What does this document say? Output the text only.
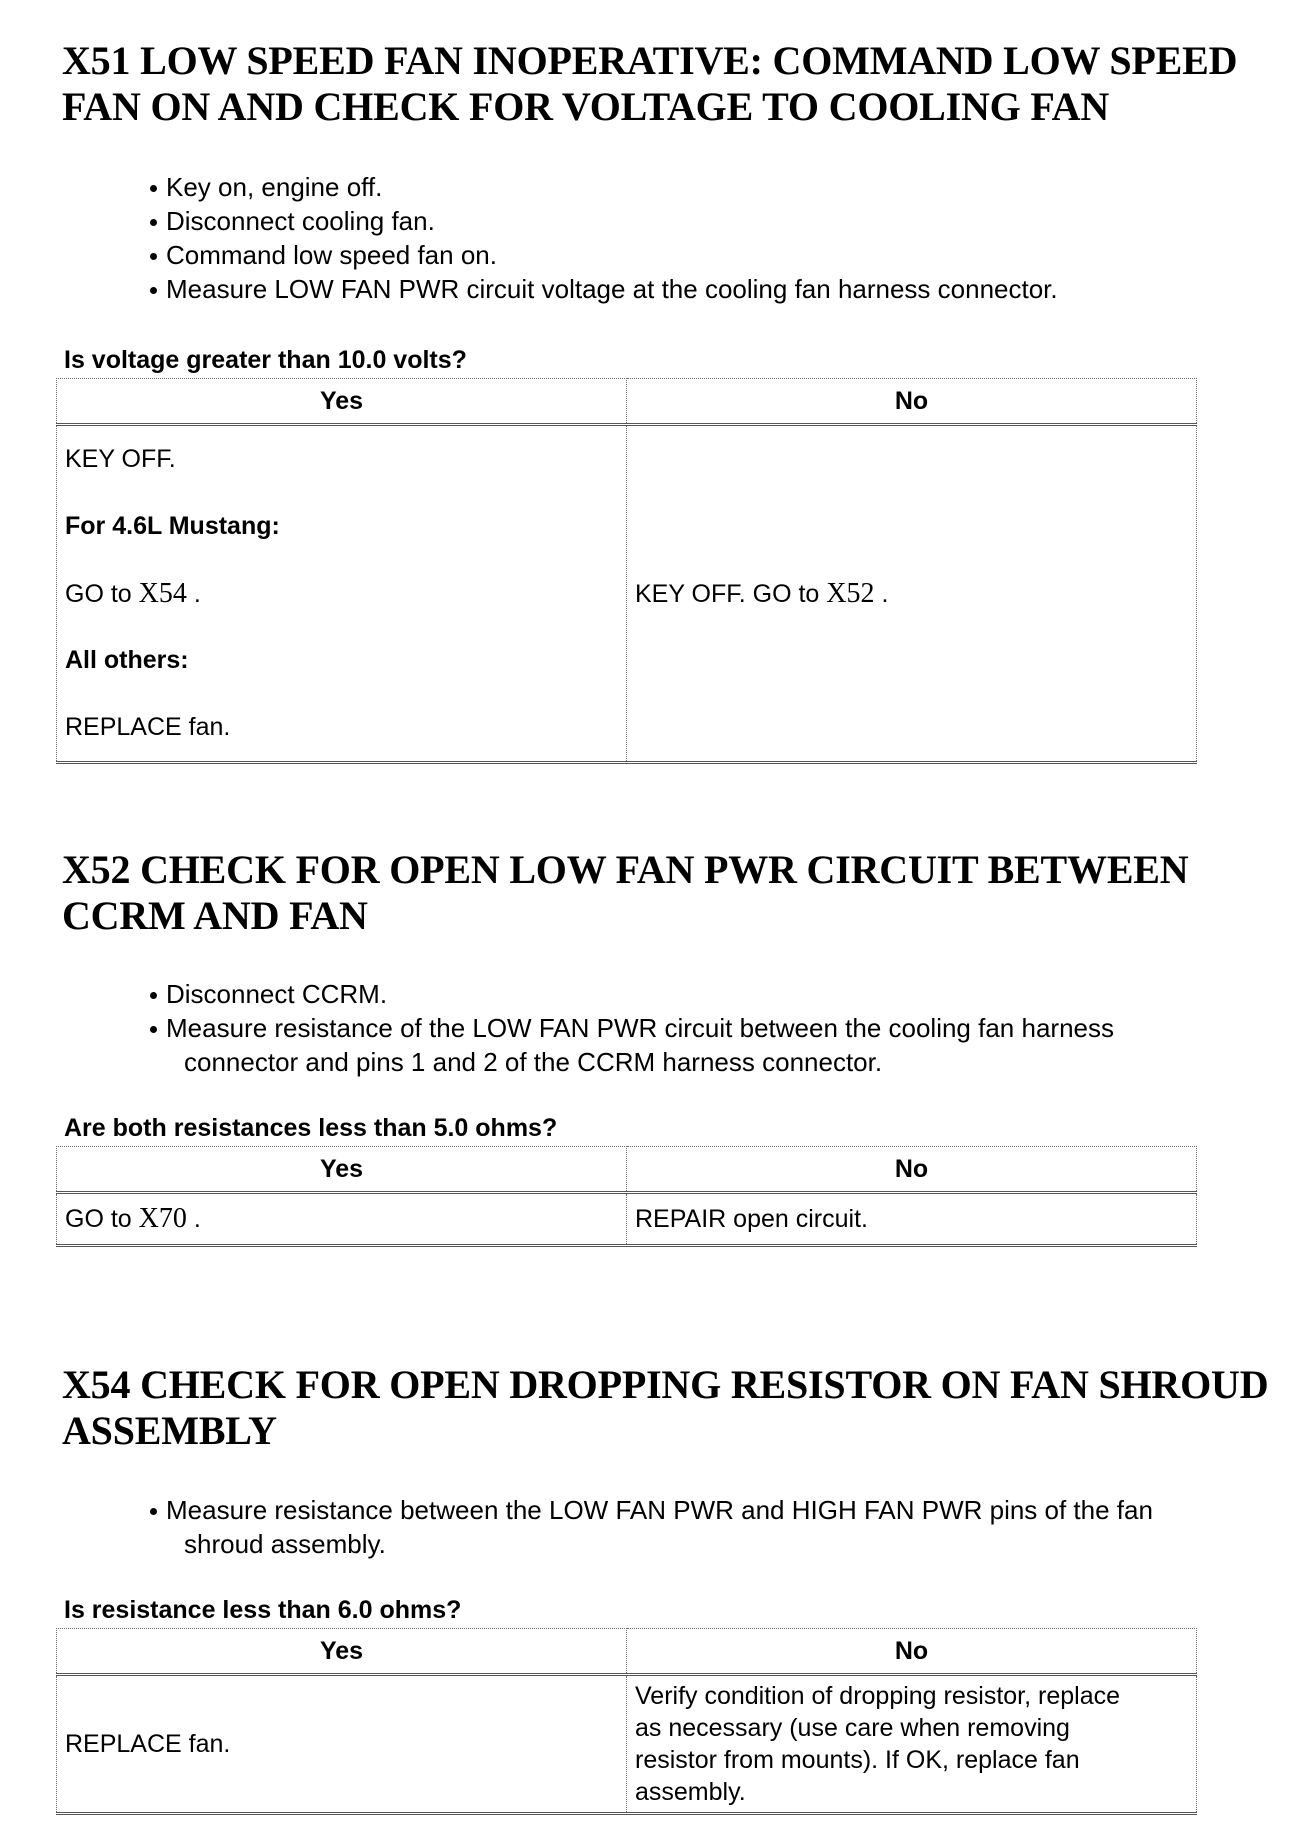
X51 LOW SPEED FAN INOPERATIVE: COMMAND LOW SPEED
FAN ON AND CHECK FOR VOLTAGE TO COOLING FAN
Key on, engine off.
Disconnect cooling fan.
Command low speed fan on.
Measure LOW FAN PWR circuit voltage at the cooling fan harness connector.

Is voltage greater than 10.0 volts?

Yes	No

KEY OFF.
For 4.6L Mustang:
GO to X54 .
All others:
REPLACE fan.	KEY OFF. GO to X52 .
X52 CHECK FOR OPEN LOW FAN PWR CIRCUIT BETWEEN
CCRM AND FAN
Disconnect CCRM.
Measure resistance of the LOW FAN PWR circuit between the cooling fan harness
connector and pins 1 and 2 of the CCRM harness connector.

Are both resistances less than 5.0 ohms?

Yes	No
GO to X70 .	REPAIR open circuit.
X54 CHECK FOR OPEN DROPPING RESISTOR ON FAN SHROUD
ASSEMBLY
Measure resistance between the LOW FAN PWR and HIGH FAN PWR pins of the fan
shroud assembly.

Is resistance less than 6.0 ohms?

Yes	No
REPLACE fan.	Verify condition of dropping resistor, replace
as necessary (use care when removing
resistor from mounts). If OK, replace fan
assembly.
